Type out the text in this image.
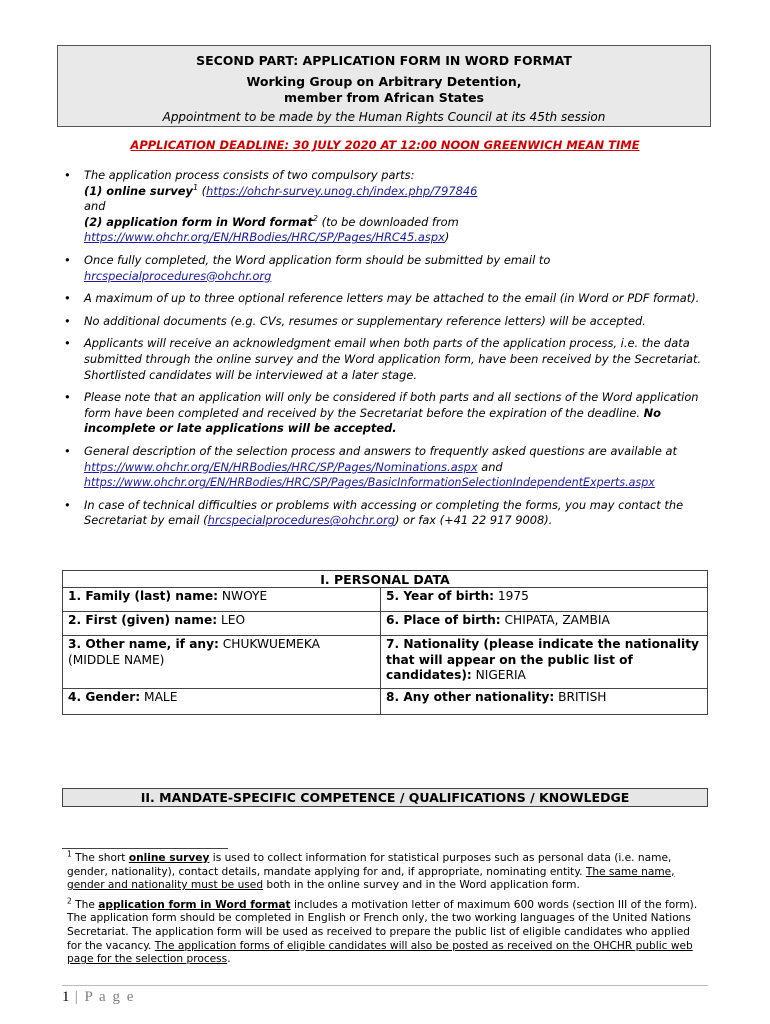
SECOND PART: APPLICATION FORM IN WORD FORMAT
Working Group on Arbitrary Detention,
member from African States
Appointment to be made by the Human Rights Council at its 45th session
APPLICATION DEADLINE: 30 JULY 2020 AT 12:00 NOON GREENWICH MEAN TIME
• The application process consists of two compulsory parts:
(1) online survey$^1$ (https://ohchr-survey.unog.ch/index.php/797846
and
(2) application form in Word format$^2$ (to be downloaded from
https://www.ohchr.org/EN/HRBodies/HRC/SP/Pages/HRC45.aspx)
• Once fully completed, the Word application form should be submitted by email to
hrcspecialprocedures@ohchr.org
• A maximum of up to three optional reference letters may be attached to the email (in Word or PDF format).
• No additional documents (e.g. CVs, resumes or supplementary reference letters) will be accepted.
• Applicants will receive an acknowledgment email when both parts of the application process, i.e. the data submitted through the online survey and the Word application form, have been received by the Secretariat. Shortlisted candidates will be interviewed at a later stage.
• Please note that an application will only be considered if both parts and all sections of the Word application form have been completed and received by the Secretariat before the expiration of the deadline. No incomplete or late applications will be accepted.
• General description of the selection process and answers to frequently asked questions are available at https://www.ohchr.org/EN/HRBodies/HRC/SP/Pages/Nominations.aspx and
https://www.ohchr.org/EN/HRBodies/HRC/SP/Pages/BasicInformationSelectionIndependentExperts.aspx
• In case of technical difficulties or problems with accessing or completing the forms, you may contact the Secretariat by email (hrcspecialprocedures@ohchr.org) or fax (+41 22 917 9008).
I. PERSONAL DATA
1. Family (last) name: NWOYE	5. Year of birth: 1975
2. First (given) name: LEO	6. Place of birth: CHIPATA, ZAMBIA
3. Other name, if any: CHUKWUEMEKA (MIDDLE NAME)	7. Nationality (please indicate the nationality that will appear on the public list of candidates): NIGERIA
4. Gender: MALE	8. Any other nationality: BRITISH
II. MANDATE-SPECIFIC COMPETENCE / QUALIFICATIONS / KNOWLEDGE

$^1$ The short online survey is used to collect information for statistical purposes such as personal data (i.e. name, gender, nationality), contact details, mandate applying for and, if appropriate, nominating entity. The same name, gender and nationality must be used both in the online survey and in the Word application form.

$^2$ The application form in Word format includes a motivation letter of maximum 600 words (section III of the form). The application form should be completed in English or French only, the two working languages of the United Nations Secretariat. The application form will be used as received to prepare the public list of eligible candidates who applied for the vacancy. The application forms of eligible candidates will also be posted as received on the OHCHR public web page for the selection process.

1 | P a g e
